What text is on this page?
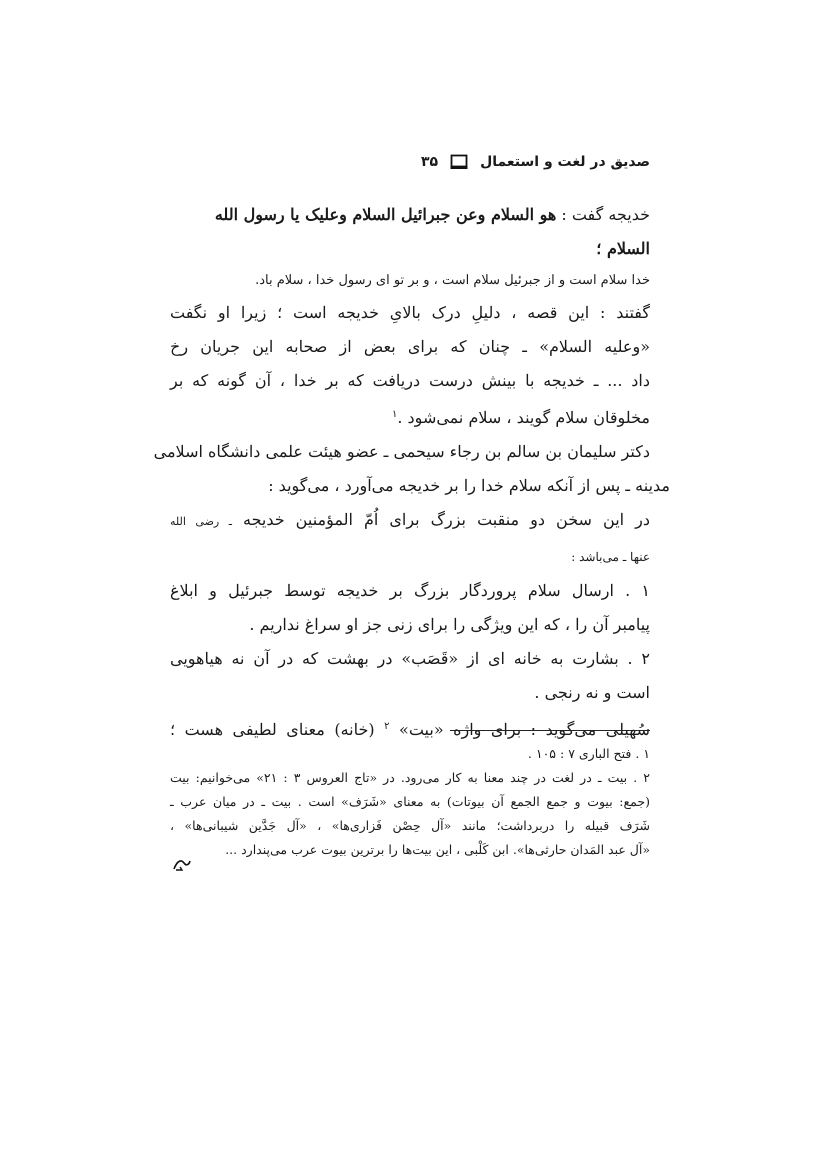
صدیق در لغت و استعمال
۳۵
خدیجه گفت : هو السلام وعن جبرائیل السلام وعلیک یا رسول الله
السلام ؛
خدا سلام است و از جبرئیل سلام است ، و بر تو ای رسول خدا ، سلام باد.
گفتند : این قصه ، دلیلِ درک بالایِ خدیجه است ؛ زیرا او نگفت
«وعلیه السلام» ـ چنان که برای بعض از صحابه این جریان رخ
داد ... ـ خدیجه با بینش درست دریافت که بر خدا ، آن گونه که بر
مخلوقان سلام گویند ، سلام نمی‌شود .$^۱$
دکتر سلیمان بن سالم بن رجاء سیحمی ـ عضو هیئت علمی دانشگاه اسلامی
مدینه ـ پس از آنکه سلام خدا را بر خدیجه می‌آورد ، می‌گوید :
در این سخن دو منقبت بزرگ برای اُمّ المؤمنین خدیجه ـ رضی الله
عنها ـ می‌باشد :
۱ . ارسال سلام پروردگار بزرگ بر خدیجه توسط جبرئیل و ابلاغ
پیامبر آن را ، که این ویژگی را برای زنی جز او سراغ نداریم .
۲ . بشارت به خانه ای از «قَصَب» در بهشت که در آن نه هیاهویی
است و نه رنجی .
سُهیلی می‌گوید : برای واژه «بیت» $^۲$ (خانه) معنای لطیفی هست ؛
۱ . فتح الباری ۷ : ۱۰۵ .
۲ . بیت ـ در لغت در چند معنا به کار می‌رود. در «تاج العروس ۳ : ۲۱» می‌خوانیم: بیت
(جمع: بیوت و جمع الجمع آن بیوتات) به معنای «شَرَف» است . بیت ـ در میان عرب ـ
شَرَف قبیله را دربرداشت؛ مانند «آل حِصْن فَزاری‌ها» ، «آل جَدَّین شیبانی‌ها» ،
«آل عبد المَدان حارثی‌ها». ابن کَلْبی ، این بیت‌ها را برترین بیوت عرب می‌پندارد ...
